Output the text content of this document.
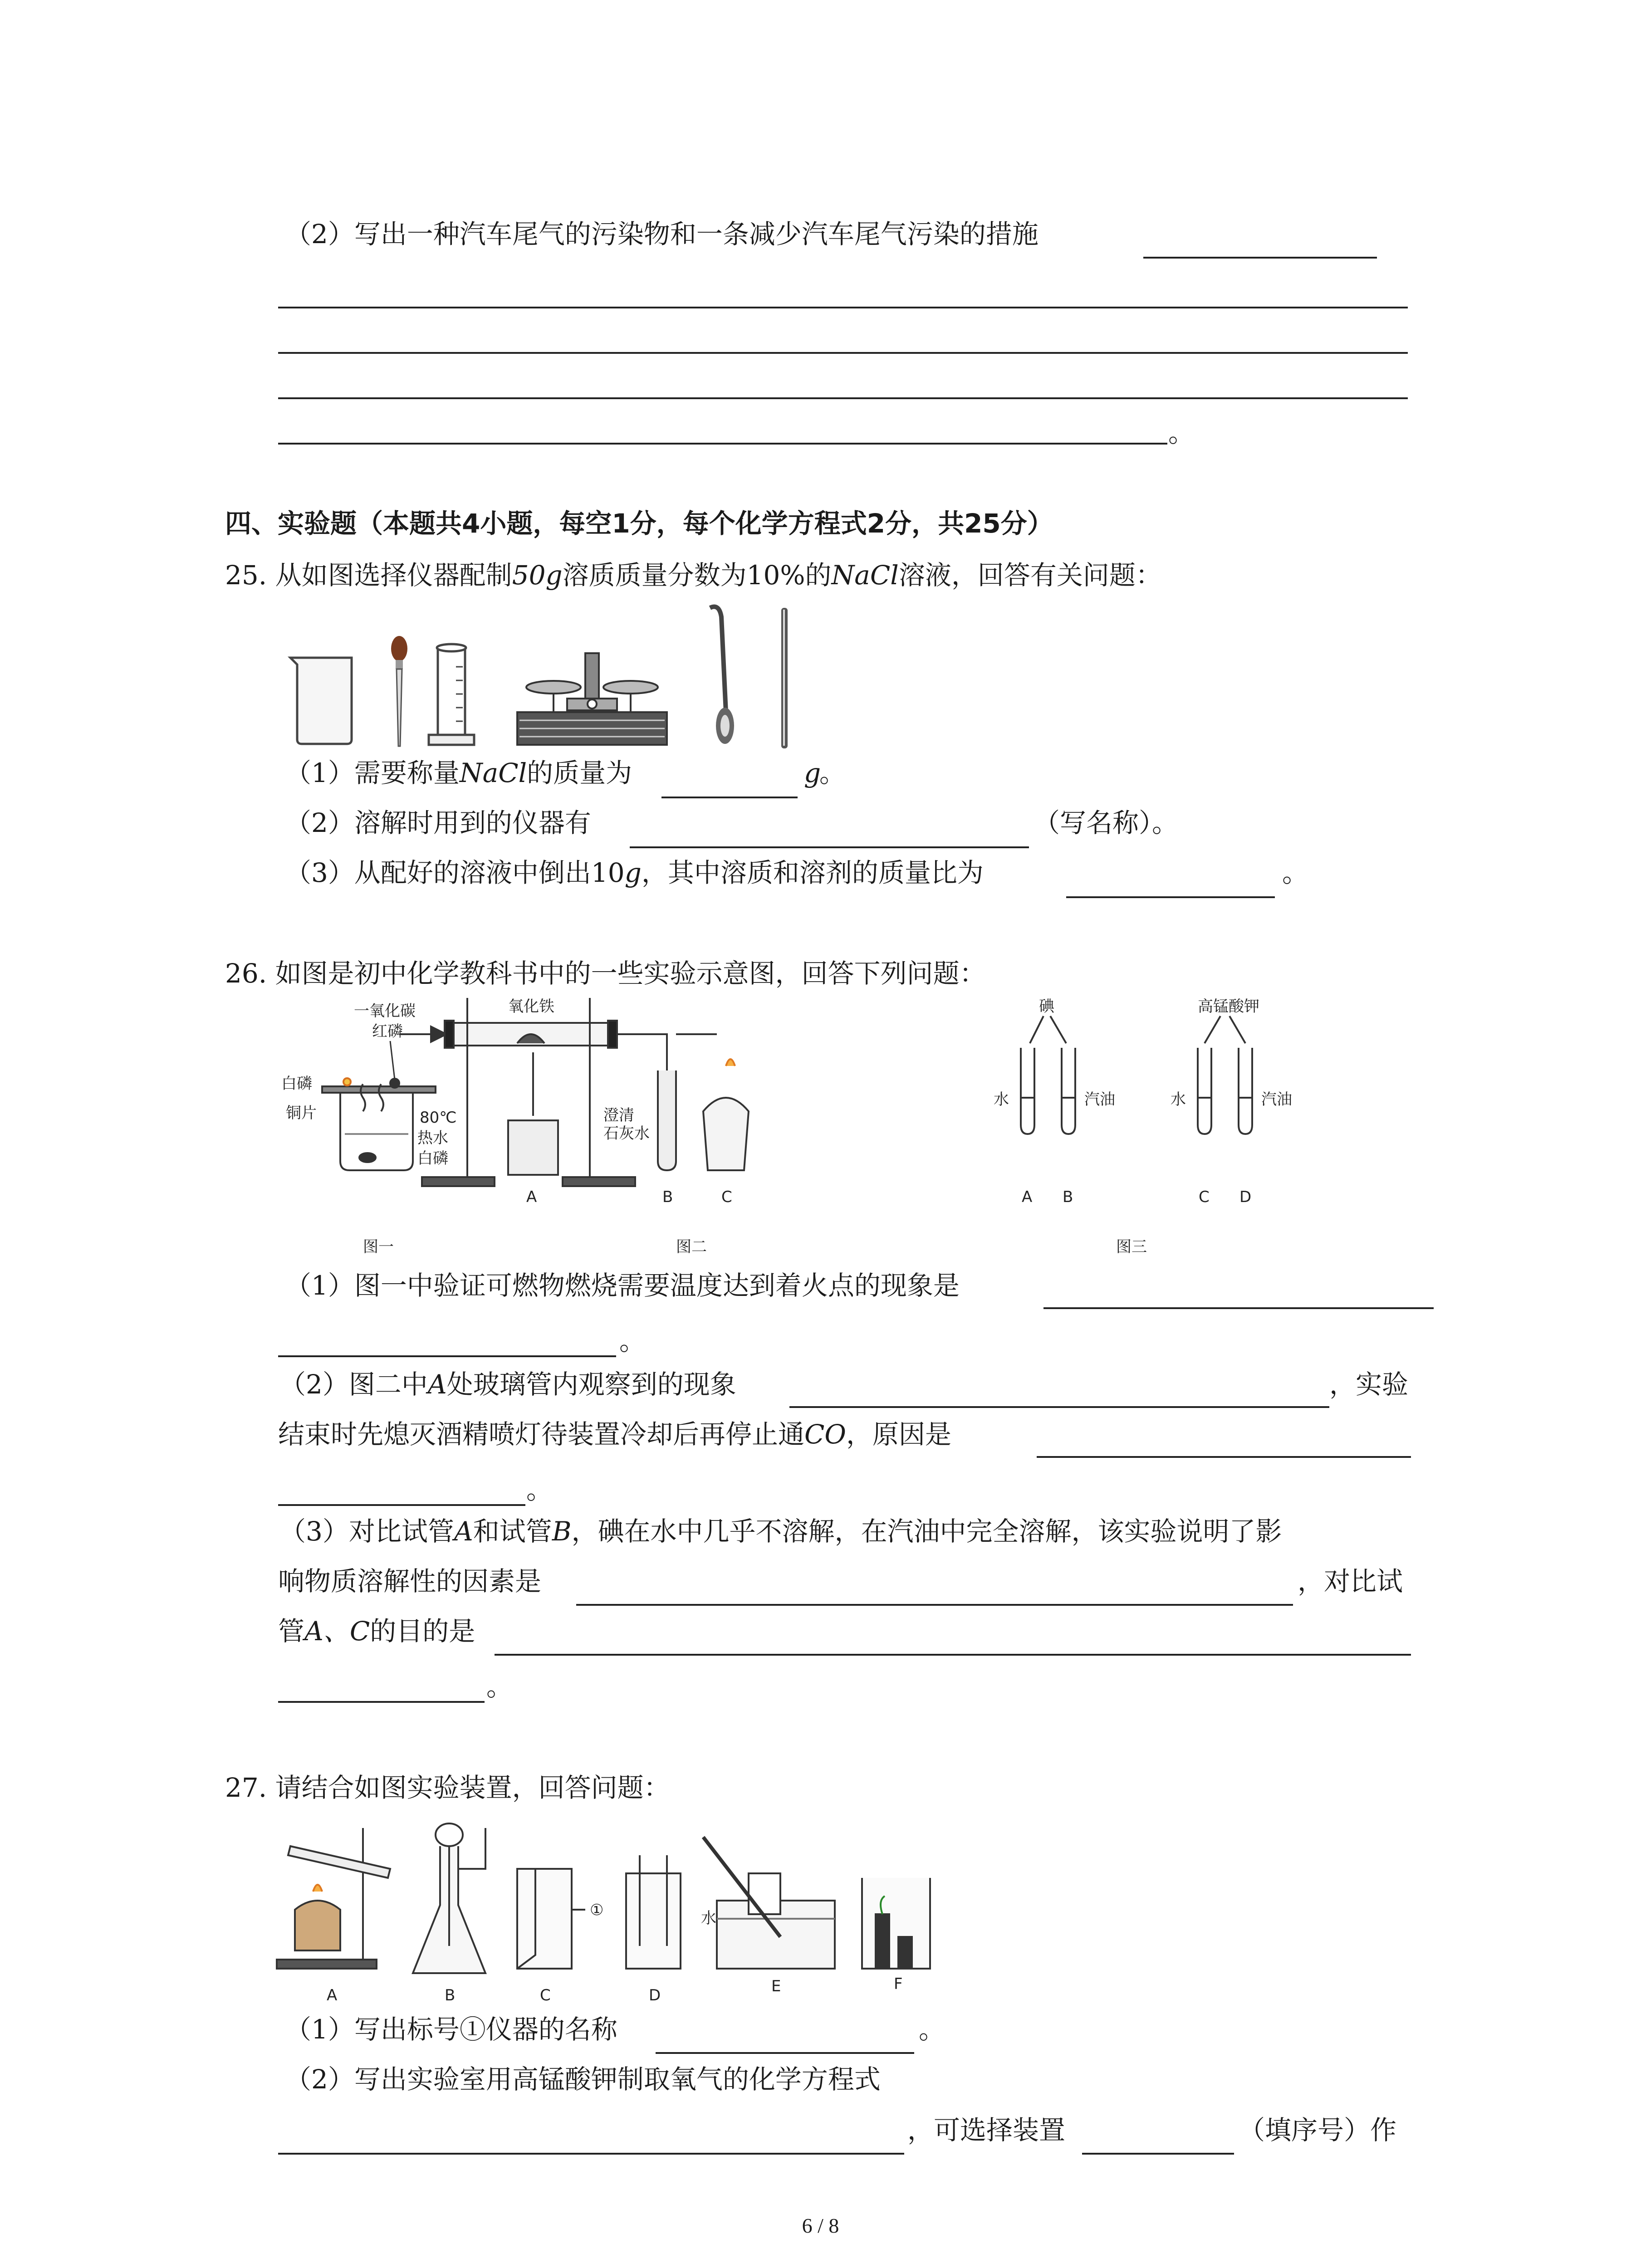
（2）写出一种汽车尾气的污染物和一条减少汽车尾气污染的措施
。
四、实验题（本题共4小题，每空1分，每个化学方程式2分，共25分）
25. 从如图选择仪器配制50g溶质质量分数为10%的NaCl溶液，回答有关问题：
（1）需要称量NaCl的质量为	g
。
（2）溶解时用到的仪器有	（写名称）。
（3）从配好的溶液中倒出10g，其中溶质和溶剂的质量比为	。
26. 如图是初中化学教科书中的一些实验示意图，回答下列问题：
红磷
白磷
铜片	80℃
热水
白磷
图一
一氧化碳	氧化铁
澄清
石灰水
A	B	C
图二
碘	高锰酸钾
水	汽油	水	汽油
A B	C D
图三
（1）图一中验证可燃物燃烧需要温度达到着火点的现象是
。
（2）图二中A处玻璃管内观察到的现象	，实验
结束时先熄灭酒精喷灯待装置冷却后再停止通CO，原因是
。
（3）对比试管A和试管B，碘在水中几乎不溶解，在汽油中完全溶解，该实验说明了影
响物质溶解性的因素是	，对比试
管A、C的目的是
。
27. 请结合如图实验装置，回答问题：
①	水
A	B	C	D	E	F
（1）写出标号①仪器的名称	。
（2）写出实验室用高锰酸钾制取氧气的化学方程式
，可选择装置	（填序号）作
6 / 8
